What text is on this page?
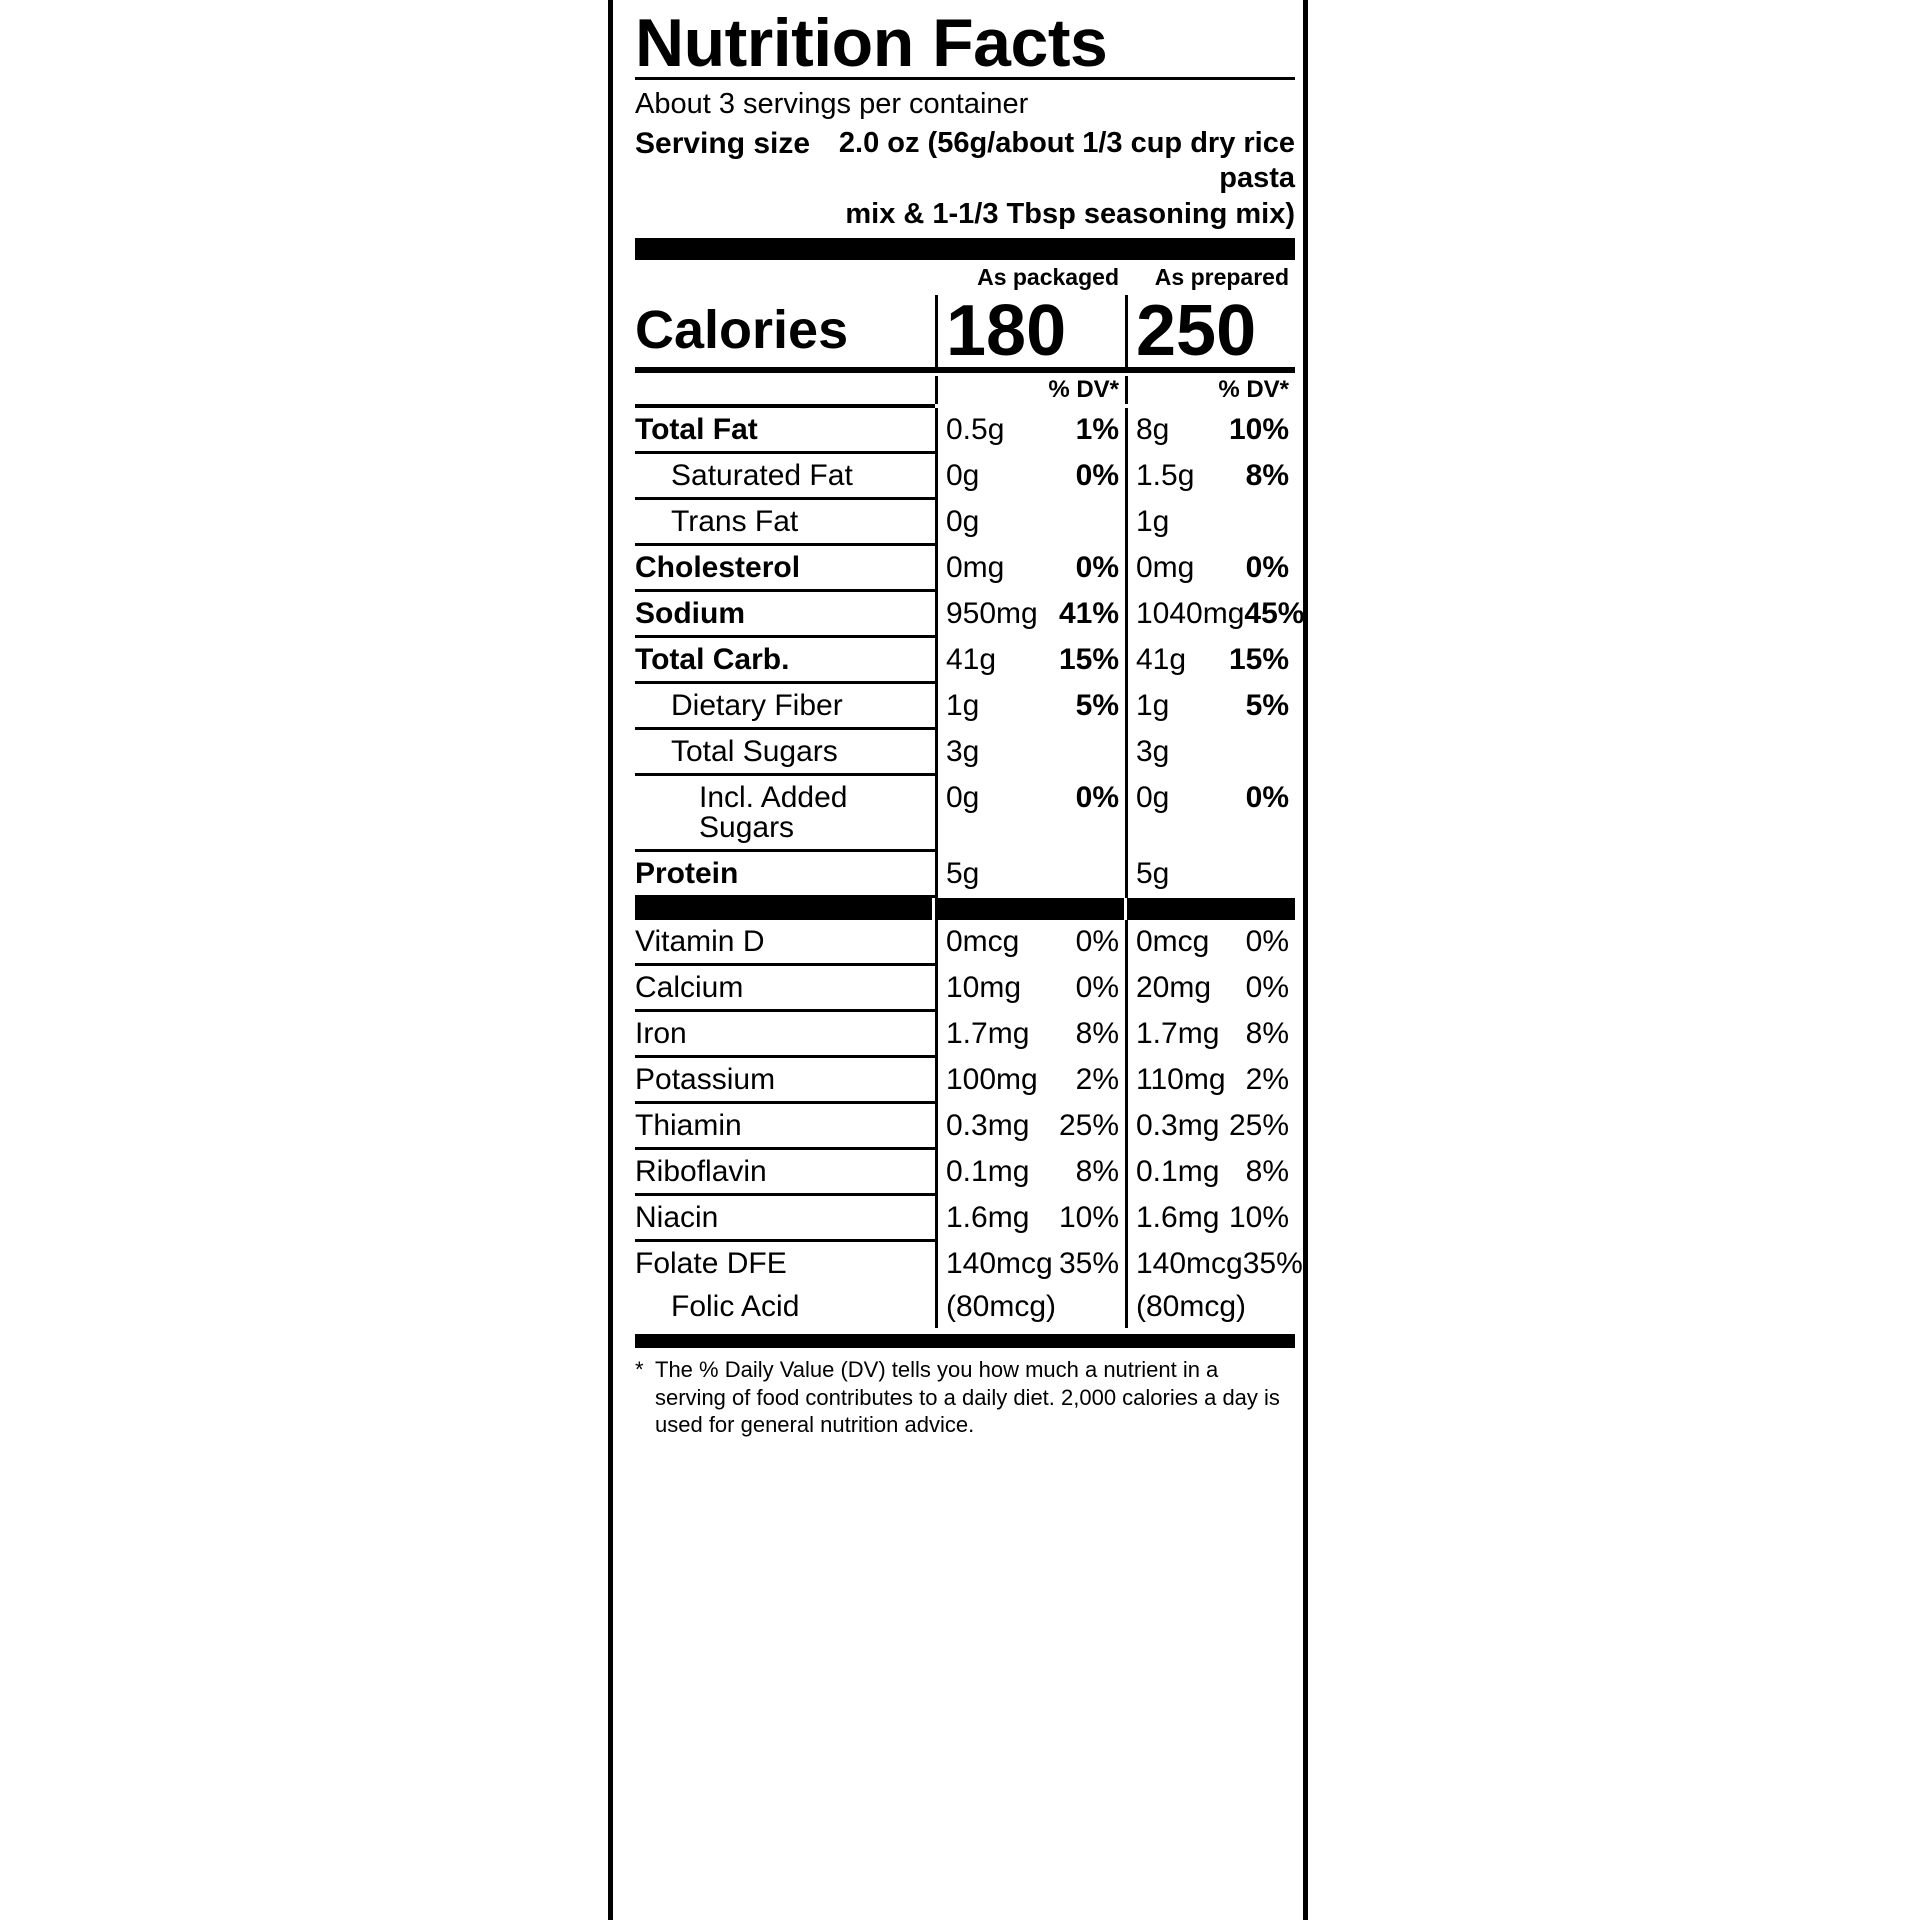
Nutrition Facts
About 3 servings per container
Serving size 2.0 oz (56g/about 1/3 cup dry rice pasta
mix & 1-1/3 Tbsp seasoning mix)
As packaged	As prepared
Calories	180 250
% DV*	% DV*
Total Fat	0.5g 1% 8g 10%
Saturated Fat	0g	0% 1.5g 8%
Trans Fat	0g	1g
Cholesterol	0mg 0% 0mg 0%
Sodium	950mg 41% 1040mg 45%
Total Carb.	41g 15% 41g 15%
Dietary Fiber	1g	5% 1g	5%
Total Sugars	3g	3g
Incl. Added Sugars
0g	0% 0g	0%
Protein	5g	5g
Vitamin D	0mcg 0% 0mcg 0%
Calcium	10mg 0% 20mg 0%
Iron	1.7mg 8% 1.7mg 8%
Potassium	100mg 2% 110mg 2%
Thiamin	0.3mg 25% 0.3mg 25%
Riboflavin	0.1mg 8% 0.1mg 8%
Niacin	1.6mg 10% 1.6mg 10%
Folate DFE	140mcg 35% 140mcg 35%
Folic Acid	(80mcg)	(80mcg)
* The % Daily Value (DV) tells you how much a nutrient in a serving of food contributes to a daily diet. 2,000 calories a day is used for general nutrition advice.
